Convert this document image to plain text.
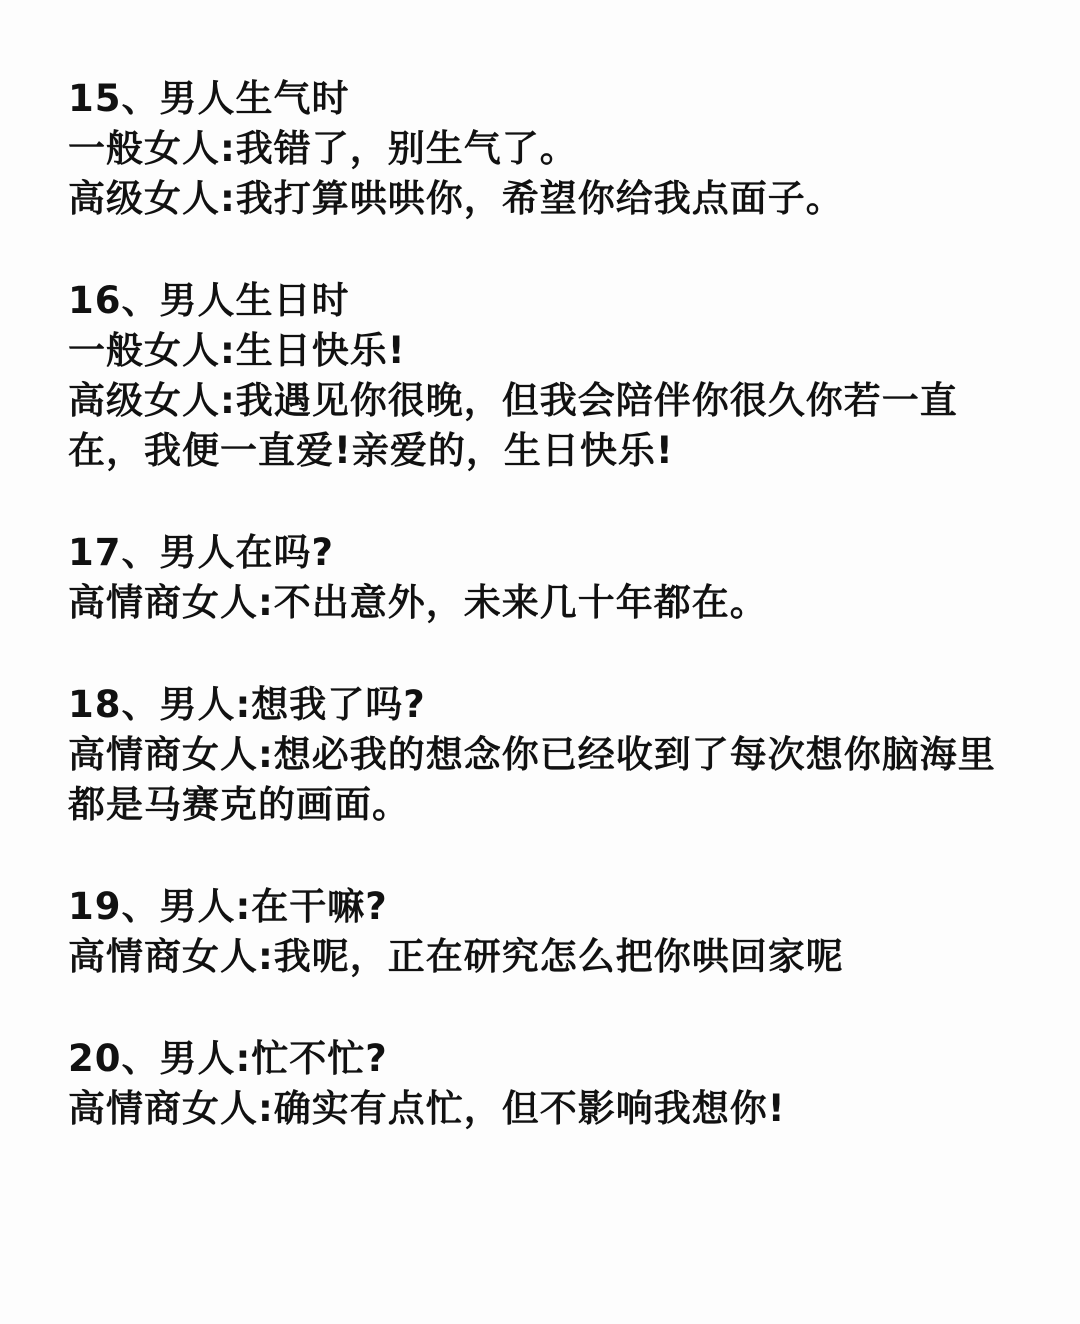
15、男人生气时
一般女人:我错了，别生气了。
高级女人:我打算哄哄你，希望你给我点面子。
16、男人生日时
一般女人:生日快乐!
高级女人:我遇见你很晚，但我会陪伴你很久你若一直在，我便一直爱!亲爱的，生日快乐!
17、男人在吗?
高情商女人:不出意外，未来几十年都在。
18、男人:想我了吗?
高情商女人:想必我的想念你已经收到了每次想你脑海里都是马赛克的画面。
19、男人:在干嘛?
高情商女人:我呢，正在研究怎么把你哄回家呢
20、男人:忙不忙?
高情商女人:确实有点忙，但不影响我想你!
